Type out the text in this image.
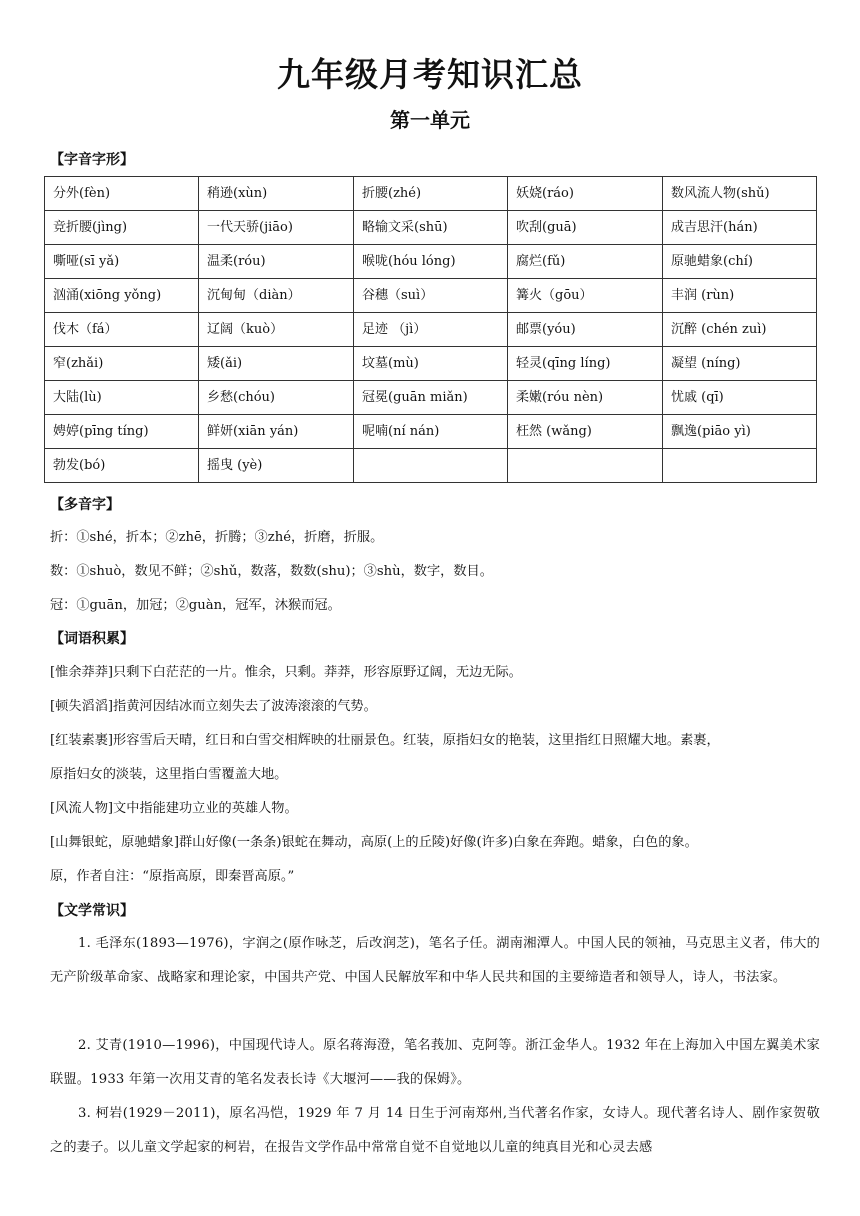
九年级月考知识汇总
第一单元
【字音字形】
分外(fèn)	稍逊(xùn)	折腰(zhé)	妖娆(ráo)	数风流人物(shǔ)
竞折腰(jìng)	一代天骄(jiāo)	略输文采(shū)	吹刮(guā)	成吉思汗(hán)
嘶哑(sī yǎ)	温柔(róu)	喉咙(hóu lóng)	腐烂(fǔ)	原驰蜡象(chí)
汹涌(xiōng yǒng)	沉甸甸（diàn）	谷穗（suì）	篝火（gōu）	丰润 (rùn)
伐木（fá）	辽阔（kuò）	足迹 （jì）	邮票(yóu)	沉醉 (chén zuì)
窄(zhǎi)	矮(ǎi)	坟墓(mù)	轻灵(qīng líng)	凝望 (níng)
大陆(lù)	乡愁(chóu)	冠冕(guān miǎn)	柔嫩(róu nèn)	忧戚 (qī)
娉婷(pīng tíng)	鲜妍(xiān yán)	呢喃(ní nán)	枉然 (wǎng)	飘逸(piāo yì)
勃发(bó)	摇曳 (yè)			
【多音字】
折：①shé，折本；②zhē，折腾；③zhé，折磨，折服。
数：①shuò，数见不鲜；②shǔ，数落，数数(shu)；③shù，数字，数目。
冠：①guān，加冠；②guàn，冠军，沐猴而冠。
【词语积累】
[惟余莽莽]只剩下白茫茫的一片。惟余，只剩。莽莽，形容原野辽阔，无边无际。
[顿失滔滔]指黄河因结冰而立刻失去了波涛滚滚的气势。
[红装素裹]形容雪后天晴，红日和白雪交相辉映的壮丽景色。红装，原指妇女的艳装，这里指红日照耀大地。素裹，
原指妇女的淡装，这里指白雪覆盖大地。
[风流人物]文中指能建功立业的英雄人物。
[山舞银蛇，原驰蜡象]群山好像(一条条)银蛇在舞动，高原(上的丘陵)好像(许多)白象在奔跑。蜡象，白色的象。
原，作者自注：“原指高原，即秦晋高原。”
【文学常识】
1. 毛泽东(1893—1976)，字润之(原作咏芝，后改润芝)，笔名子任。湖南湘潭人。中国人民的领袖，马克思主义者，伟大的无产阶级革命家、战略家和理论家，中国共产党、中国人民解放军和中华人民共和国的主要缔造者和领导人，诗人，书法家。
2. 艾青(1910—1996)，中国现代诗人。原名蒋海澄，笔名莪加、克阿等。浙江金华人。1932 年在上海加入中国左翼美术家联盟。1933 年第一次用艾青的笔名发表长诗《大堰河——我的保姆》。
3. 柯岩(1929－2011)，原名冯恺，1929 年 7 月 14 日生于河南郑州,当代著名作家，女诗人。现代著名诗人、剧作家贺敬之的妻子。以儿童文学起家的柯岩，在报告文学作品中常常自觉不自觉地以儿童的纯真目光和心灵去感
